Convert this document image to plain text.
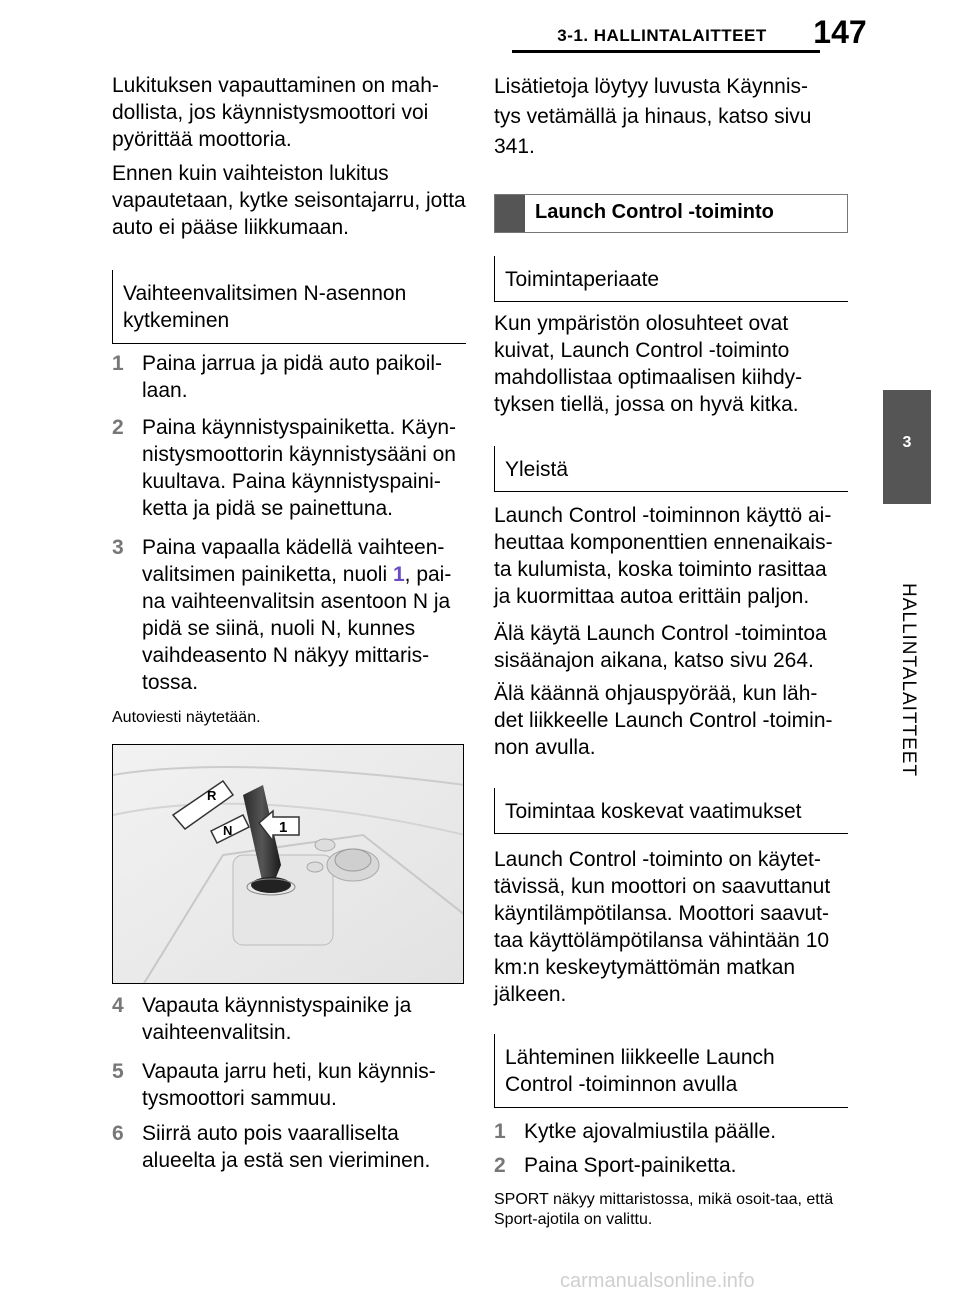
3-1. HALLINTALAITTEET	147
3
HALLINTALAITTEET

Lukituksen vapauttaminen on mah-dollista, jos käynnistysmoottori voi pyörittää moottoria.

Ennen kuin vaihteiston lukitus vapautetaan, kytke seisontajarru, jotta auto ei pääse liikkumaan.

Vaihteenvalitsimen N-asennon kytkeminen
1 Paina jarrua ja pidä auto paikoil-laan.
2 Paina käynnistyspainiketta. Käyn-nistysmoottorin käynnistysääni on kuultava. Paina käynnistyspaini-ketta ja pidä se painettuna.
3 Paina vapaalla kädellä vaihteen-valitsimen painiketta, nuoli 1, pai-na vaihteenvalitsin asentoon N ja pidä se siinä, nuoli N, kunnes vaihdeasento N näkyy mittaris-tossa.

Autoviesti näytetään.

R
N	1
4 Vapauta käynnistyspainike ja vaihteenvalitsin.
5 Vapauta jarru heti, kun käynnis-tysmoottori sammuu.
6 Siirrä auto pois vaaralliselta alueelta ja estä sen vieriminen.

Lisätietoja löytyy luvusta Käynnis-tys vetämällä ja hinaus, katso sivu 341.

Launch Control -toiminto
Toimintaperiaate

Kun ympäristön olosuhteet ovat kuivat, Launch Control -toiminto mahdollistaa optimaalisen kiihdy-tyksen tiellä, jossa on hyvä kitka.

Yleistä

Launch Control -toiminnon käyttö ai-heuttaa komponenttien ennenaikais-ta kulumista, koska toiminto rasittaa ja kuormittaa autoa erittäin paljon.

Älä käytä Launch Control -toimintoa sisäänajon aikana, katso sivu 264.

Älä käännä ohjauspyörää, kun läh-det liikkeelle Launch Control -toimin-non avulla.

Toimintaa koskevat vaatimukset

Launch Control -toiminto on käytet-tävissä, kun moottori on saavuttanut käyntilämpötilansa. Moottori saavut-taa käyttölämpötilansa vähintään 10 km:n keskeytymättömän matkan jälkeen.

Lähteminen liikkeelle Launch Control -toiminnon avulla
1 Kytke ajovalmiustila päälle.
2 Paina Sport-painiketta.

SPORT näkyy mittaristossa, mikä osoit-taa, että Sport-ajotila on valittu.

carmanualsonline.info
